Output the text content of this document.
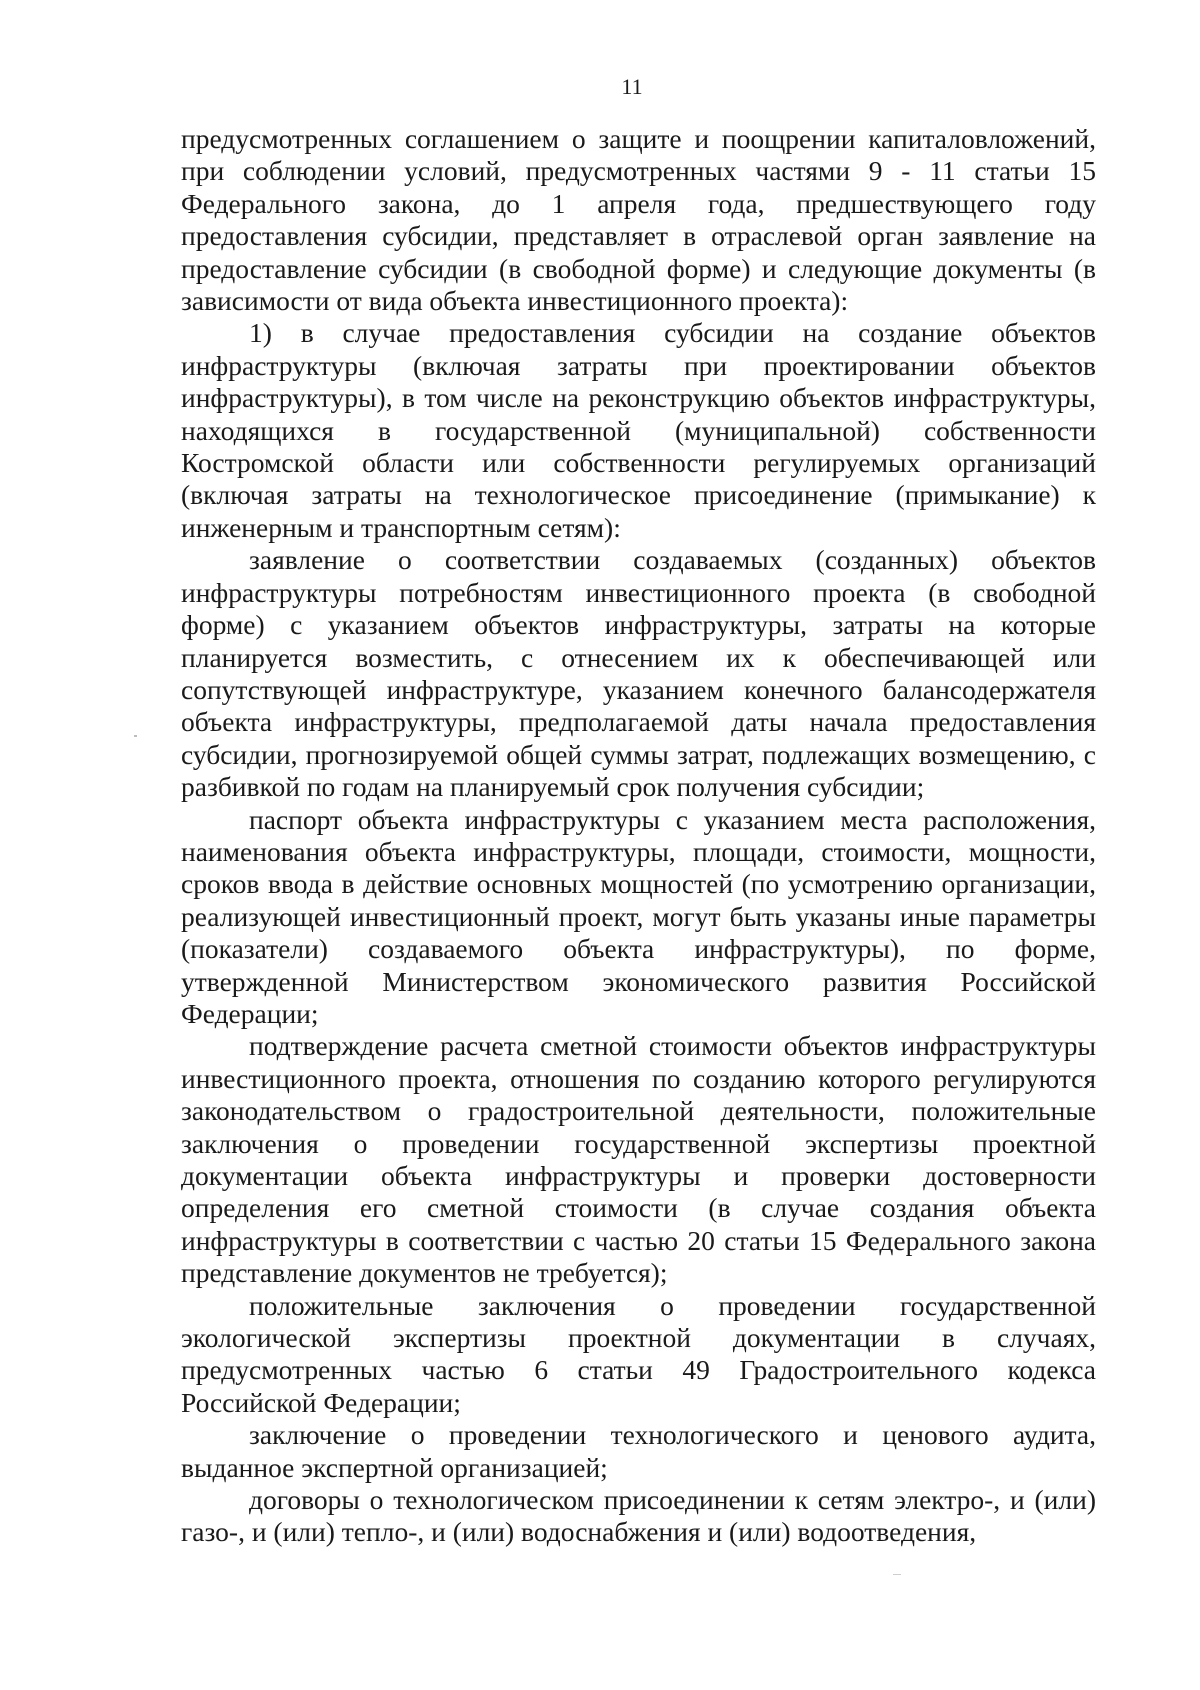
11

предусмотренных соглашением о защите и поощрении капиталовложений, при соблюдении условий, предусмотренных частями 9 - 11 статьи 15 Федерального закона, до 1 апреля года, предшествующего году предоставления субсидии, представляет в отраслевой орган заявление на предоставление субсидии (в свободной форме) и следующие документы (в зависимости от вида объекта инвестиционного проекта):

1) в случае предоставления субсидии на создание объектов инфраструктуры (включая затраты при проектировании объектов инфраструктуры), в том числе на реконструкцию объектов инфраструктуры, находящихся в государственной (муниципальной) собственности Костромской области или собственности регулируемых организаций (включая затраты на технологическое присоединение (примыкание) к инженерным и транспортным сетям):

заявление о соответствии создаваемых (созданных) объектов инфраструктуры потребностям инвестиционного проекта (в свободной форме) с указанием объектов инфраструктуры, затраты на которые планируется возместить, с отнесением их к обеспечивающей или сопутствующей инфраструктуре, указанием конечного балансодержателя объекта инфраструктуры, предполагаемой даты начала предоставления субсидии, прогнозируемой общей суммы затрат, подлежащих возмещению, с разбивкой по годам на планируемый срок получения субсидии;

паспорт объекта инфраструктуры с указанием места расположения, наименования объекта инфраструктуры, площади, стоимости, мощности, сроков ввода в действие основных мощностей (по усмотрению организации, реализующей инвестиционный проект, могут быть указаны иные параметры (показатели) создаваемого объекта инфраструктуры), по форме, утвержденной Министерством экономического развития Российской Федерации;

подтверждение расчета сметной стоимости объектов инфраструктуры инвестиционного проекта, отношения по созданию которого регулируются законодательством о градостроительной деятельности, положительные заключения о проведении государственной экспертизы проектной документации объекта инфраструктуры и проверки достоверности определения его сметной стоимости (в случае создания объекта инфраструктуры в соответствии с частью 20 статьи 15 Федерального закона представление документов не требуется);

положительные заключения о проведении государственной экологической экспертизы проектной документации в случаях, предусмотренных частью 6 статьи 49 Градостроительного кодекса Российской Федерации;

заключение о проведении технологического и ценового аудита, выданное экспертной организацией;

договоры о технологическом присоединении к сетям электро-, и (или) газо-, и (или) тепло-, и (или) водоснабжения и (или) водоотведения,
